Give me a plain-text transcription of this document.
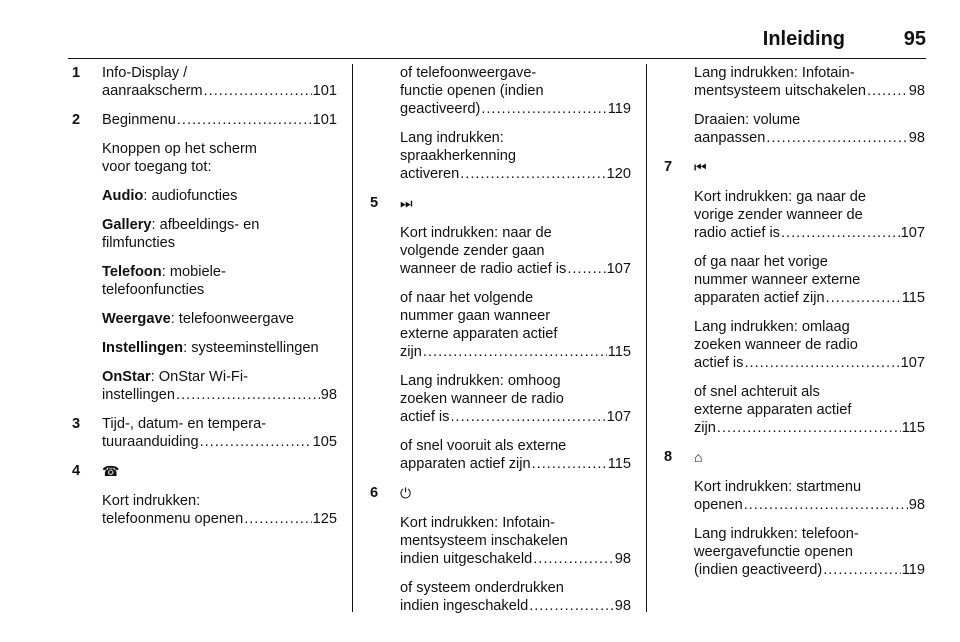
Inleiding	95
1 Info-Display /
aanraakscherm .....	101
2 Beginmenu .....	101
Knoppen op het scherm
voor toegang tot:
Audio: audiofuncties
Gallery: afbeeldings- en
filmfuncties
Telefoon: mobiele-
telefoonfuncties
Weergave: telefoonweergave
Instellingen: systeeminstellingen
OnStar: OnStar Wi-Fi-
instellingen .....	98
3 Tijd-, datum- en tempera-
tuuraanduiding .....	105
4 ☎
Kort indrukken:
telefoonmenu openen .....	125
of telefoonweergave-
functie openen (indien
geactiveerd) .....	119
Lang indrukken:
spraakherkenning
activeren .....	120
5 ⏭
Kort indrukken: naar de
volgende zender gaan
wanneer de radio actief is .....	107
of naar het volgende
nummer gaan wanneer
externe apparaten actief
zijn .....	115
Lang indrukken: omhoog
zoeken wanneer de radio
actief is .....	107
of snel vooruit als externe
apparaten actief zijn .....	115
6 ⏻
Kort indrukken: Infotain-
mentsysteem inschakelen
indien uitgeschakeld .....	98
of systeem onderdrukken
indien ingeschakeld .....	98
Lang indrukken: Infotain-
mentsysteem uitschakelen .....	98
Draaien: volume
aanpassen .....	98
7 ⏮
Kort indrukken: ga naar de
vorige zender wanneer de
radio actief is .....	107
of ga naar het vorige
nummer wanneer externe
apparaten actief zijn .....	115
Lang indrukken: omlaag
zoeken wanneer de radio
actief is .....	107
of snel achteruit als
externe apparaten actief
zijn .....	115
8 ⌂
Kort indrukken: startmenu
openen .....	98
Lang indrukken: telefoon-
weergavefunctie openen
(indien geactiveerd) .....	119
